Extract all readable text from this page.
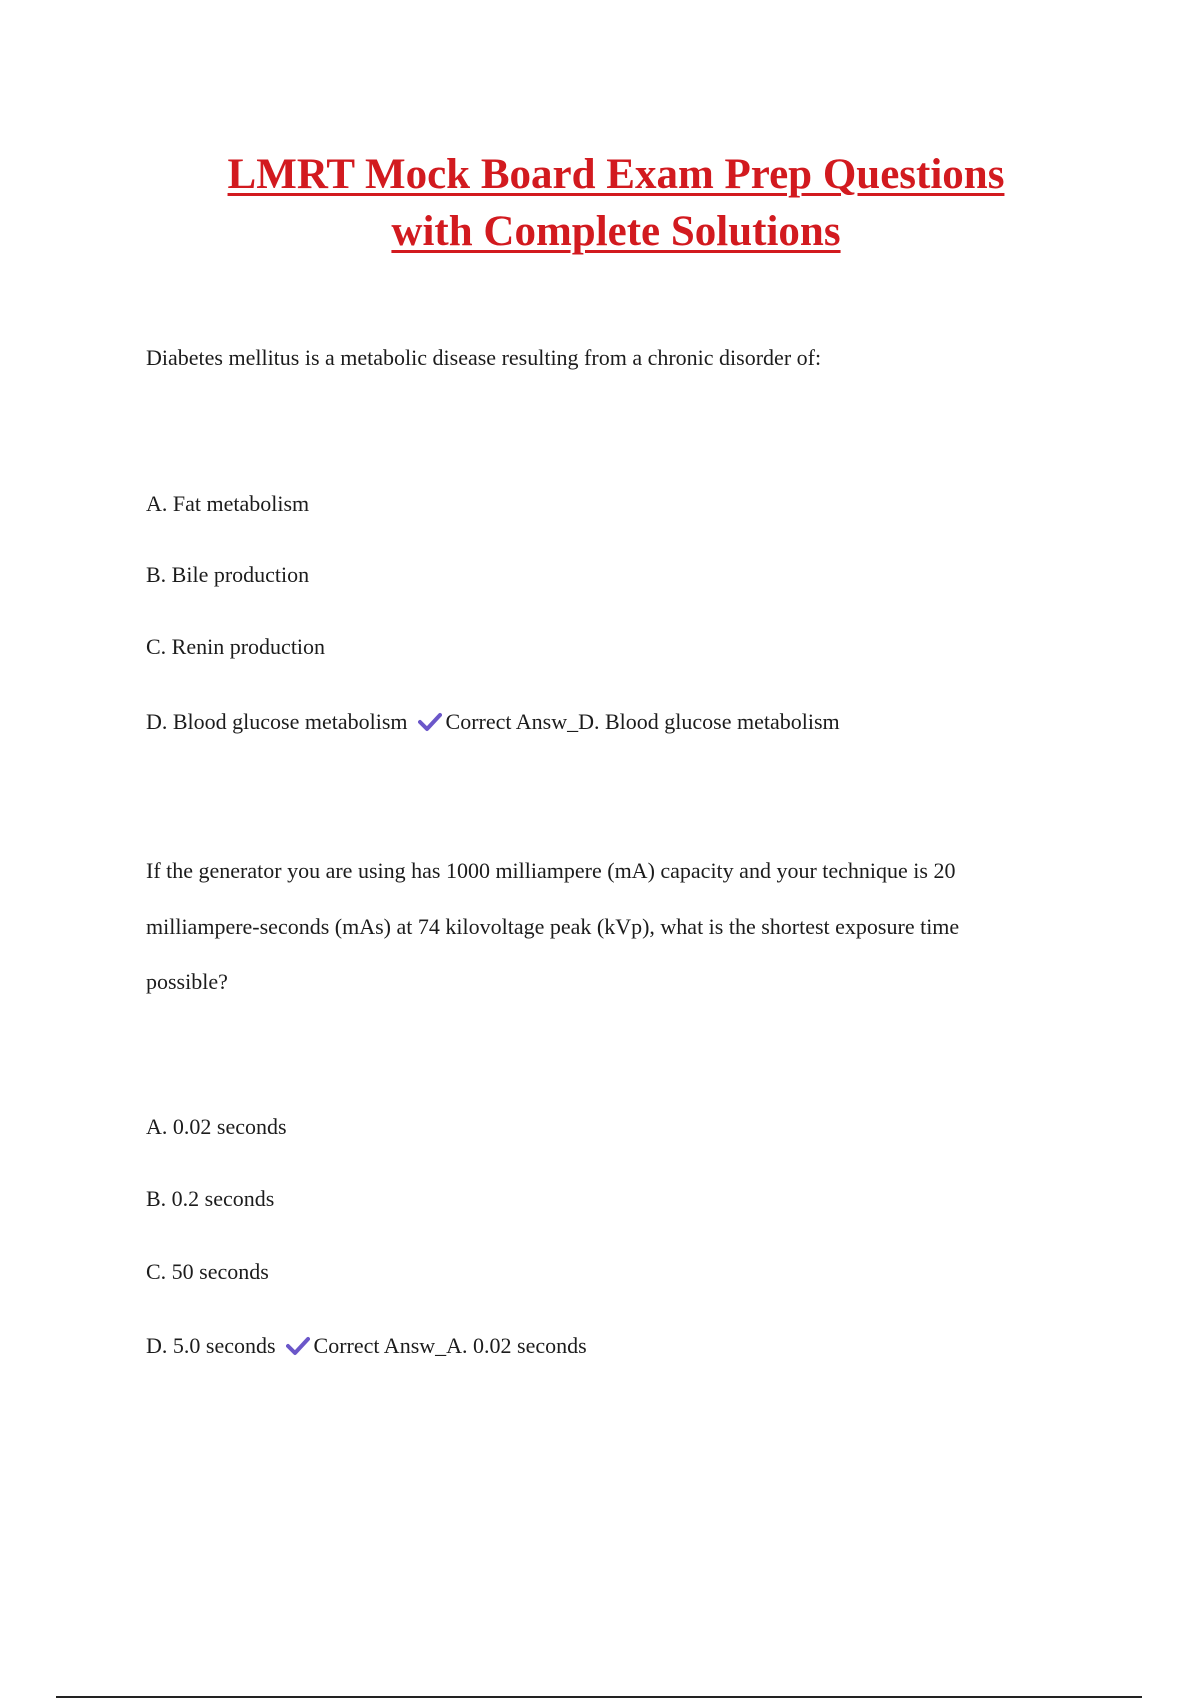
LMRT Mock Board Exam Prep Questions
with Complete Solutions
Diabetes mellitus is a metabolic disease resulting from a chronic disorder of:
A. Fat metabolism
B. Bile production
C. Renin production
D. Blood glucose metabolism Correct Answ_D. Blood glucose metabolism
If the generator you are using has 1000 milliampere (mA) capacity and your technique is 20
milliampere-seconds (mAs) at 74 kilovoltage peak (kVp), what is the shortest exposure time
possible?
A. 0.02 seconds
B. 0.2 seconds
C. 50 seconds
D. 5.0 seconds Correct Answ_A. 0.02 seconds
